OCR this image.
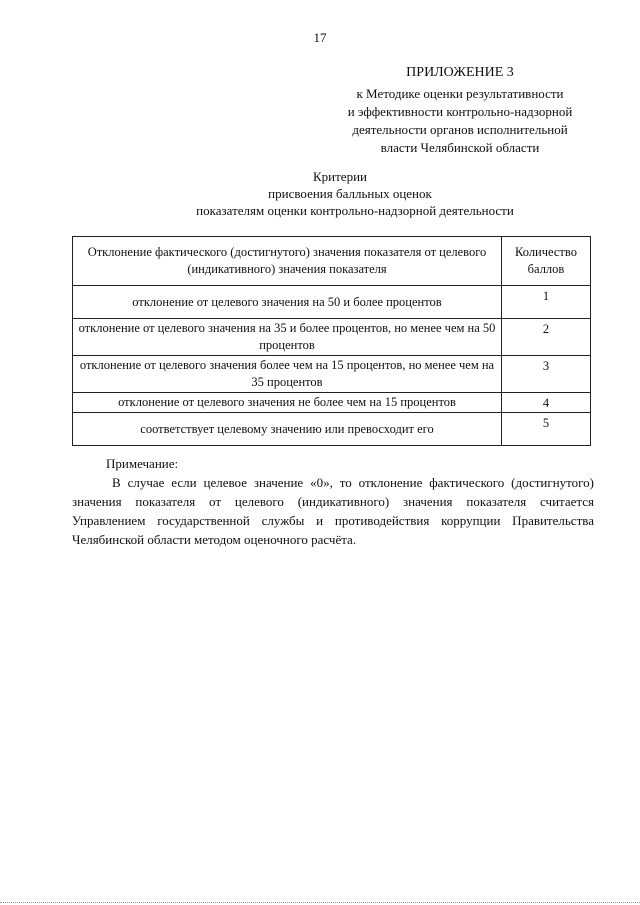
17
ПРИЛОЖЕНИЕ 3
к Методике оценки результативности
и эффективности контрольно-надзорной
деятельности органов исполнительной
власти Челябинской области
Критерии
присвоения балльных оценок
показателям оценки контрольно-надзорной деятельности
Отклонение фактического (достигнутого) значения показателя от целевого (индикативного) значения показателя	Количество баллов
отклонение от целевого значения на 50 и более процентов	1
отклонение от целевого значения на 35 и более процентов, но менее чем на 50 процентов	2
отклонение от целевого значения более чем на 15 процентов, но менее чем на 35 процентов	3
отклонение от целевого значения не более чем на 15 процентов	4
соответствует целевому значению или превосходит его	5
Примечание:

В случае если целевое значение «0», то отклонение фактического (достигнутого) значения показателя от целевого (индикативного) значения показателя считается Управлением государственной службы и противодействия коррупции Правительства Челябинской области методом оценочного расчёта.
